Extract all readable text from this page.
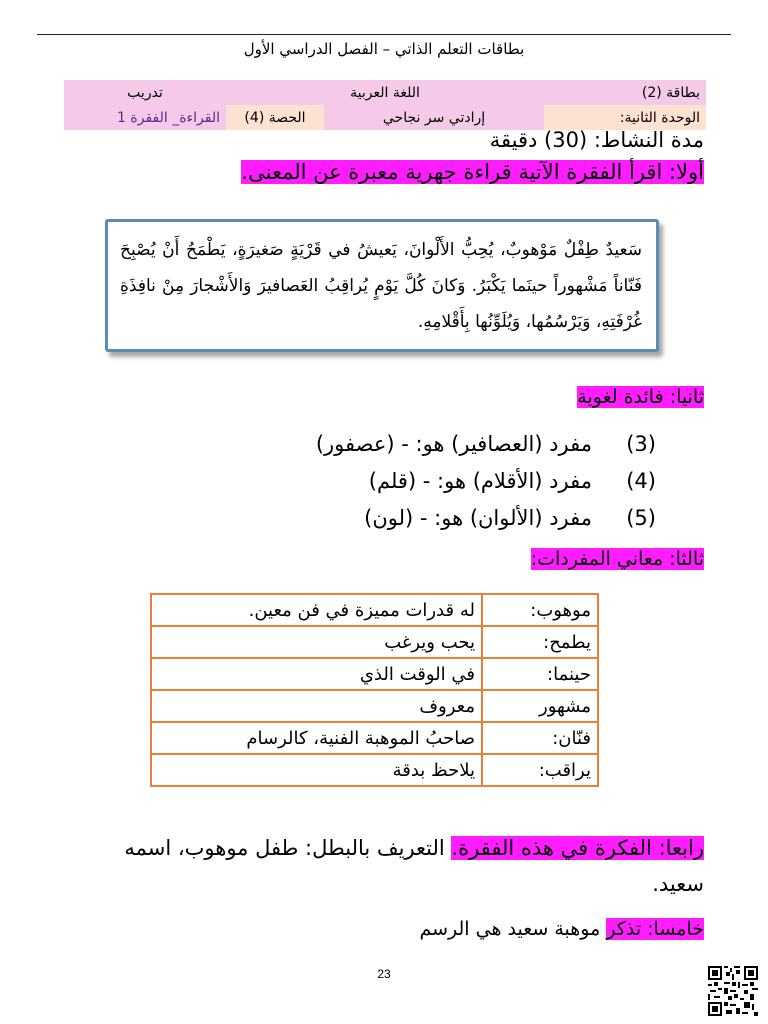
بطاقات التعلم الذاتي – الفصل الدراسي الأول
بطاقة (2)	اللغة العربية		تدريب
الوحدة الثانية:	إرادتي سر نجاحي	الحصة (4)	القراءة_ الفقرة 1
مدة النشاط: (30) دقيقة
أولا: اقرأ الفقرة الآتية قراءة جهرية معبرة عن المعنى.
سَعيدٌ طِفْلٌ مَوْهوبٌ، يُحِبُّ الأَلْوانَ، يَعيشُ في قَرْيَةٍ صَغيرَةٍ، يَطْمَحُ أَنْ يُصْبِحَ فَنّاناً مَشْهوراً حينَما يَكْبَرُ. وَكانَ كُلَّ يَوْمٍ يُراقِبُ العَصافيرَ وَالأَشْجارَ مِنْ نافِذَةِ غُرْفَتِهِ، وَيَرْسُمُها، وَيُلَوِّنُها بِأَقْلامِهِ.
ثانيا: فائدة لغوية
(3)مفرد (العصافير) هو: - (عصفور)
(4)مفرد (الأقلام) هو: - (قلم)
(5)مفرد (الألوان) هو: - (لون)
ثالثا: معاني المفردات:
موهوب:	له قدرات مميزة في فن معين.
يطمح:	يحب ويرغب
حينما:	في الوقت الذي
مشهور	معروف
فنّان:	صاحبُ الموهبة الفنية، كالرسام
يراقب:	يلاحظ بدقة
رابعا: الفكرة في هذه الفقرة. التعريف بالبطل: طفل موهوب، اسمه سعيد.
خامسا: تذكر موهبة سعيد هي الرسم
23
